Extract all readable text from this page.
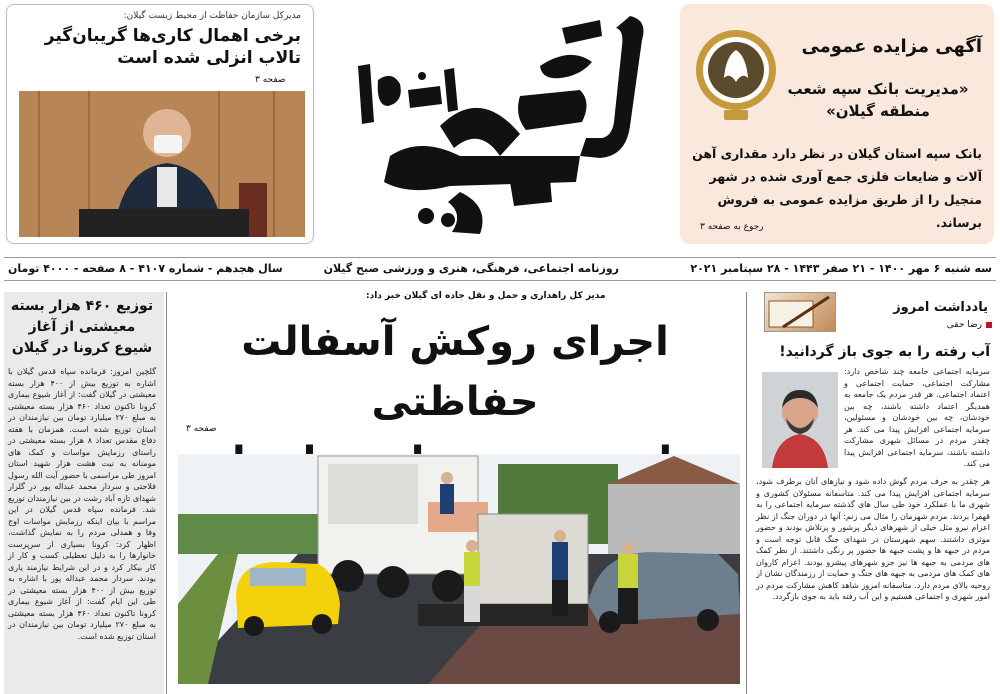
مدیرکل سازمان حفاظت از محیط زیست گیلان:
برخی اهمال کاری‌ها گریبان‌گیر تالاب انزلی شده است
صفحه ۳
آگهی مزایده عمومی
«مدیریت بانک سپه شعب منطقه گیلان»
بانک سپه استان گیلان در نظر دارد مقداری آهن آلات و ضایعات فلزی جمع آوری شده در شهر منجیل را از طریق مزایده عمومی به فروش برساند.
رجوع به صفحه ۳
سه شنبه ۶ مهر ۱۴۰۰ - ۲۱ صفر ۱۴۴۳ - ۲۸ سپتامبر ۲۰۲۱
روزنامه اجتماعی، فرهنگی، هنری و ورزشی صبح گیلان
سال هجدهم - شماره ۴۱۰۷ - ۸ صفحه - ۴۰۰۰ تومان
توزیع ۴۶۰ هزار بسته معیشتی از آغاز شیوع کرونا در گیلان
گلچین امروز: فرمانده سپاه قدس گیلان با اشاره به توزیع بیش از ۴۰۰ هزار بسته معیشتی در گیلان گفت: از آغاز شیوع بیماری کرونا تاکنون تعداد ۴۶۰ هزار بسته معیشتی به مبلغ ۲۷۰ میلیارد تومان بین نیازمندان در استان توزیع شده است. همزمان با هفته دفاع مقدس تعداد ۸ هزار بسته معیشتی در راستای رزمایش مواسات و کمک های مومنانه به نیت هشت هزار شهید استان امروز طی مراسمی با حضور آیت الله رسول فلاحتی و سردار محمد عبداله پور در گلزار شهدای تازه آباد رشت در بین نیازمندان توزیع شد. فرمانده سپاه قدس گیلان در این مراسم با بیان اینکه رزمایش مواسات اوج وفا و همدلی مردم را به نمایش گذاشت، اظهار کرد: کرونا بسیاری از سرپرست خانوارها را به دلیل تعطیلی کسب و کار از کار بیکار کرد و در این شرایط نیازمند یاری بودند. سردار محمد عبداله پور با اشاره به توزیع بیش از ۴۰۰ هزار بسته معیشتی در طی این ایام گفت: از آغاز شیوع بیماری کرونا تاکنون تعداد ۴۶۰ هزار بسته معیشتی به مبلغ ۲۷۰ میلیارد تومان بین نیازمندان در استان توزیع شده است.
مدیر کل راهداری و حمل و نقل جاده ای گیلان خبر داد:
اجرای روکش آسفالت حفاظتی
صفحه ۳
یادداشت امروز
رضا حقی
آب رفته را به جوی باز گردانید!
سرمایه اجتماعی جامعه چند شاخص دارد: مشارکت اجتماعی، حمایت اجتماعی و اعتماد اجتماعی. هر قدر مردم یک جامعه به همدیگر اعتماد داشته باشند، چه بین خودشان، چه بین خودشان و مسئولین، سرمایه اجتماعی افزایش پیدا می کند. هر چقدر مردم در مسائل شهری مشارکت داشته باشند، سرمایه اجتماعی افزایش پیدا می کند.
هر چقدر به حرف مردم گوش داده شود و نیازهای آنان برطرف شود، سرمایه اجتماعی افزایش پیدا می کند. متاسفانه مسئولان کشوری و شهری ما با عملکرد خود طی سال های گذشته سرمایه اجتماعی را به قهقرا بردند. مردم شهرمان را مثال می زنم: آنها در دوران جنگ از نظر اعزام نیرو مثل خیلی از شهرهای دیگر پرشور و پرتلاش بودند و حضور موثری داشتند. سهم شهرستان در شهدای جنگ قابل توجه است و مردم در جبهه ها و پشت جبهه ها حضور پر رنگی داشتند. از نظر کمک های مردمی به جبهه ها نیز جزو شهرهای پیشرو بودند. اعزام کاروان های کمک های مردمی به جبهه های جنگ و حمایت از رزمندگان نشان از روحیه بالای مردم دارد. متاسفانه امروز شاهد کاهش مشارکت مردم در امور شهری و اجتماعی هستیم و این آب رفته باید به جوی بازگردد.
